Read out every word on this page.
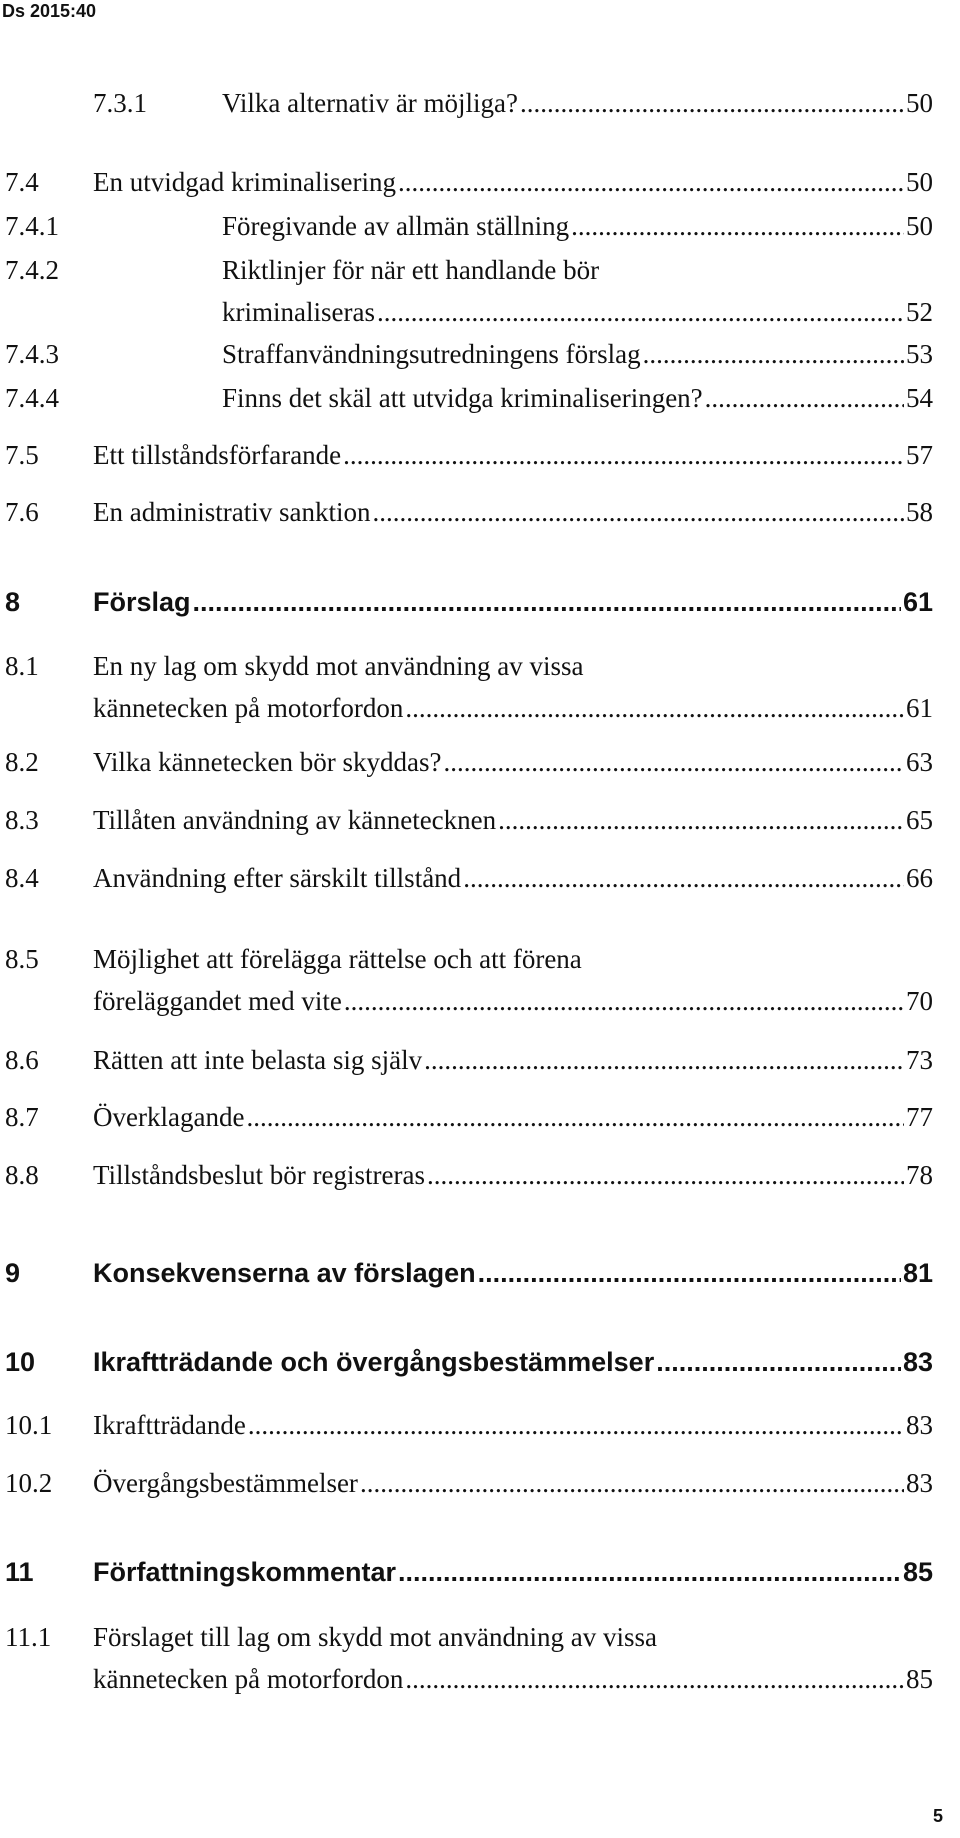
Ds 2015:40
7.3.1	Vilka alternativ är möjliga? .....	50
7.4 En utvidgad kriminalisering .....	50
7.4.1	Föregivande av allmän ställning .....	50
7.4.2	Riktlinjer för när ett handlande bör
kriminaliseras .....	52
7.4.3	Straffanvändningsutredningens förslag .....	53
7.4.4	Finns det skäl att utvidga kriminaliseringen? .....	54
7.5 Ett tillståndsförfarande .....	57
7.6 En administrativ sanktion .....	58
8	Förslag .....	61
8.1 En ny lag om skydd mot användning av vissa
kännetecken på motorfordon .....	61
8.2 Vilka kännetecken bör skyddas? .....	63
8.3 Tillåten användning av kännetecknen .....	65
8.4 Användning efter särskilt tillstånd .....	66
8.5 Möjlighet att förelägga rättelse och att förena
föreläggandet med vite .....	70
8.6 Rätten att inte belasta sig själv .....	73
8.7 Överklagande .....	77
8.8 Tillståndsbeslut bör registreras .....	78
9	Konsekvenserna av förslagen .....	81
10 Ikraftträdande och övergångsbestämmelser .....	83
10.1 Ikraftträdande .....	83
10.2 Övergångsbestämmelser .....	83
11 Författningskommentar .....	85
11.1 Förslaget till lag om skydd mot användning av vissa
kännetecken på motorfordon .....	85
5
